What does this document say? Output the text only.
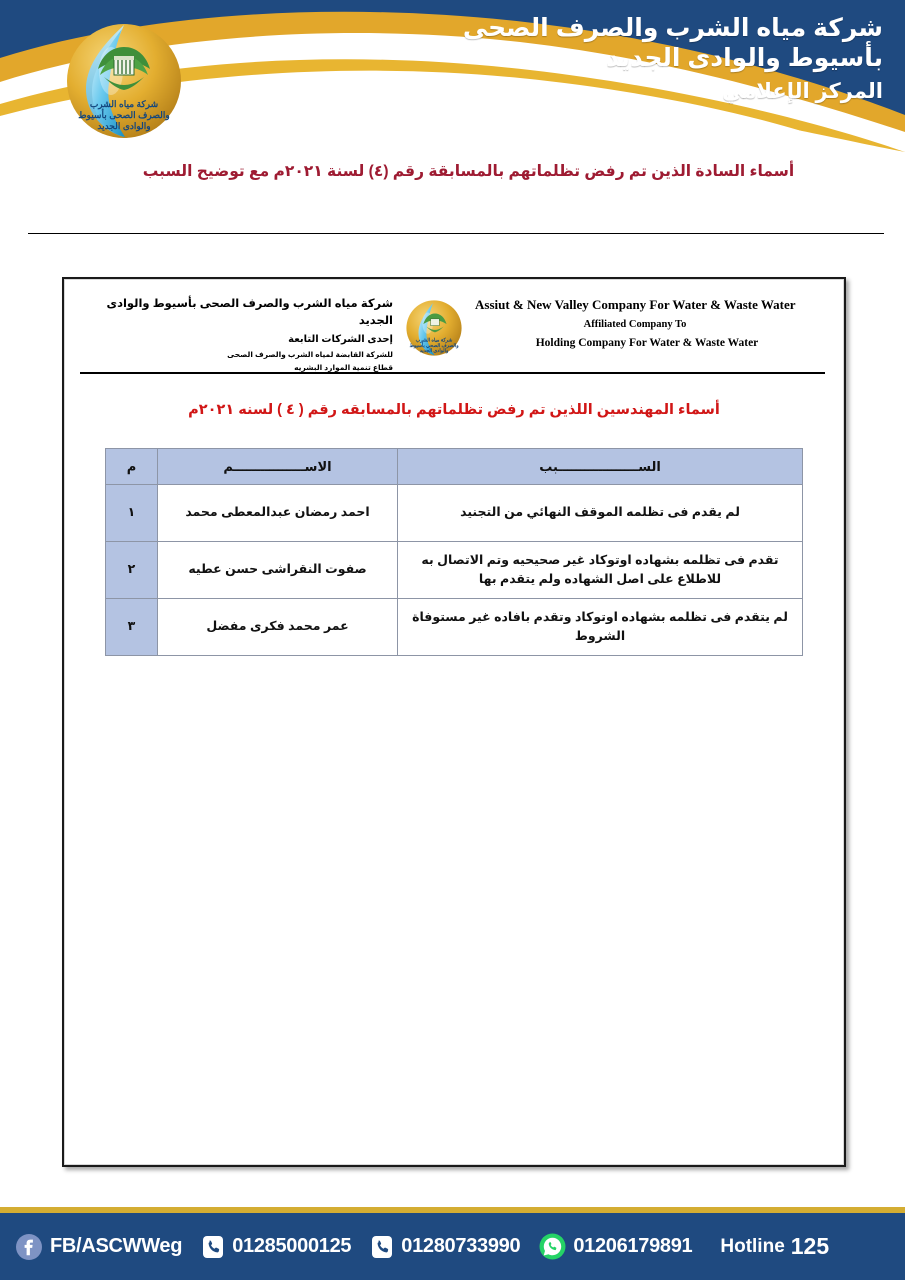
شركة مياه الشرب
والصرف الصحى بأسيوط
والوادى الجديد
شركة مياه الشرب والصرف الصحى
بأسيوط والوادى الجديد
المركز الإعلامي
أسماء السادة الذين تم رفض تظلماتهم بالمسابقة رقم (٤) لسنة ٢٠٢١م مع توضيح السبب
شركة مياه الشرب والصرف الصحى بأسيوط والوادى الجديد
إحدى الشركات التابعة
للشركة القابضة لمياه الشرب والصرف الصحى
قطاع تنمية الموارد البشريه
شركة مياه الشرب
والصرف الصحي بأسيوط
والوادى الجديد
Assiut & New Valley Company For Water & Waste Water
Affiliated Company To
Holding Company For Water & Waste Water
أسماء المهندسين اللذين تم رفض تظلماتهم بالمسابقه رقم ( ٤ ) لسنه ٢٠٢١م
الســــــــــــــــــبب	الاســــــــــــــــم	م
لم يقدم فى تظلمه الموقف النهائي من التجنيد	احمد رمضان عبدالمعطى محمد	١
تقدم فى تظلمه بشهاده اوتوكاد غير صحيحيه وتم الاتصال به للاطلاع على اصل الشهاده ولم يتقدم بها	صفوت النقراشى حسن عطيه	٢
لم يتقدم فى تظلمه بشهاده اوتوكاد وتقدم بافاده غير مستوفاة الشروط	عمر محمد فكرى مفضل	٣
FB/ASCWWeg	01285000125	01280733990	01206179891 Hotline 125
